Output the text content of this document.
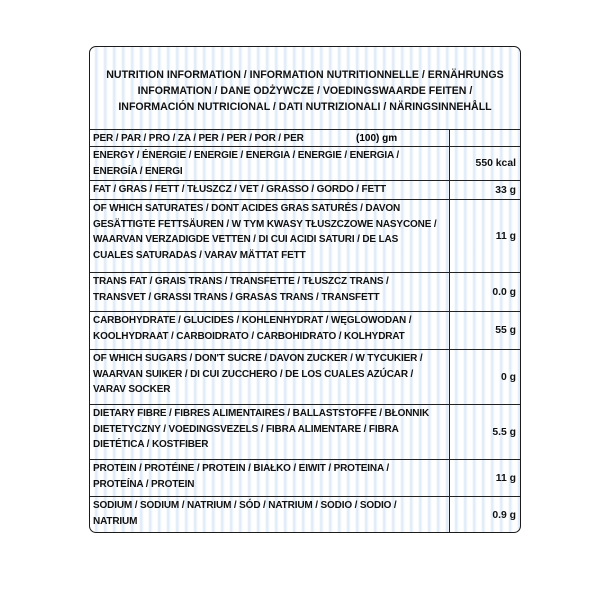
NUTRITION INFORMATION / INFORMATION NUTRITIONNELLE / ERNÄHRUNGS
INFORMATION / DANE ODŻYWCZE / VOEDINGSWAARDE FEITEN /
INFORMACIÓN NUTRICIONAL / DATI NUTRIZIONALI / NÄRINGSINNEHÅLL
PER / PAR / PRO / ZA / PER / PER / POR / PER	(100) gm
ENERGY / ÉNERGIE / ENERGIE / ENERGIA / ENERGIE / ENERGIA /
ENERGÍA / ENERGI
550 kcal
FAT / GRAS / FETT / TŁUSZCZ / VET / GRASSO / GORDO / FETT	33 g
OF WHICH SATURATES / DONT ACIDES GRAS SATURÉS / DAVON
GESÄTTIGTE FETTSÄUREN / W TYM KWASY TŁUSZCZOWE NASYCONE /
WAARVAN VERZADIGDE VETTEN / DI CUI ACIDI SATURI / DE LAS
CUALES SATURADAS / VARAV MÄTTAT FETT
11 g
TRANS FAT / GRAIS TRANS / TRANSFETTE / TŁUSZCZ TRANS /
TRANSVET / GRASSI TRANS / GRASAS TRANS / TRANSFETT	0.0 g
CARBOHYDRATE / GLUCIDES / KOHLENHYDRAT / WĘGLOWODAN /
KOOLHYDRAAT / CARBOIDRATO / CARBOHIDRATO / KOLHYDRAT
55 g
OF WHICH SUGARS / DON'T SUCRE / DAVON ZUCKER / W TYCUKIER /
WAARVAN SUIKER / DI CUI ZUCCHERO / DE LOS CUALES AZÚCAR /
VARAV SOCKER
0 g
DIETARY FIBRE / FIBRES ALIMENTAIRES / BALLASTSTOFFE / BŁONNIK
DIETETYCZNY / VOEDINGSVEZELS / FIBRA ALIMENTARE / FIBRA
DIETÉTICA / KOSTFIBER
5.5 g
PROTEIN / PROTÉINE / PROTEIN / BIAŁKO / EIWIT / PROTEINA /
PROTEÍNA / PROTEIN
11 g
SODIUM / SODIUM / NATRIUM / SÓD / NATRIUM / SODIO / SODIO /
NATRIUM
0.9 g
